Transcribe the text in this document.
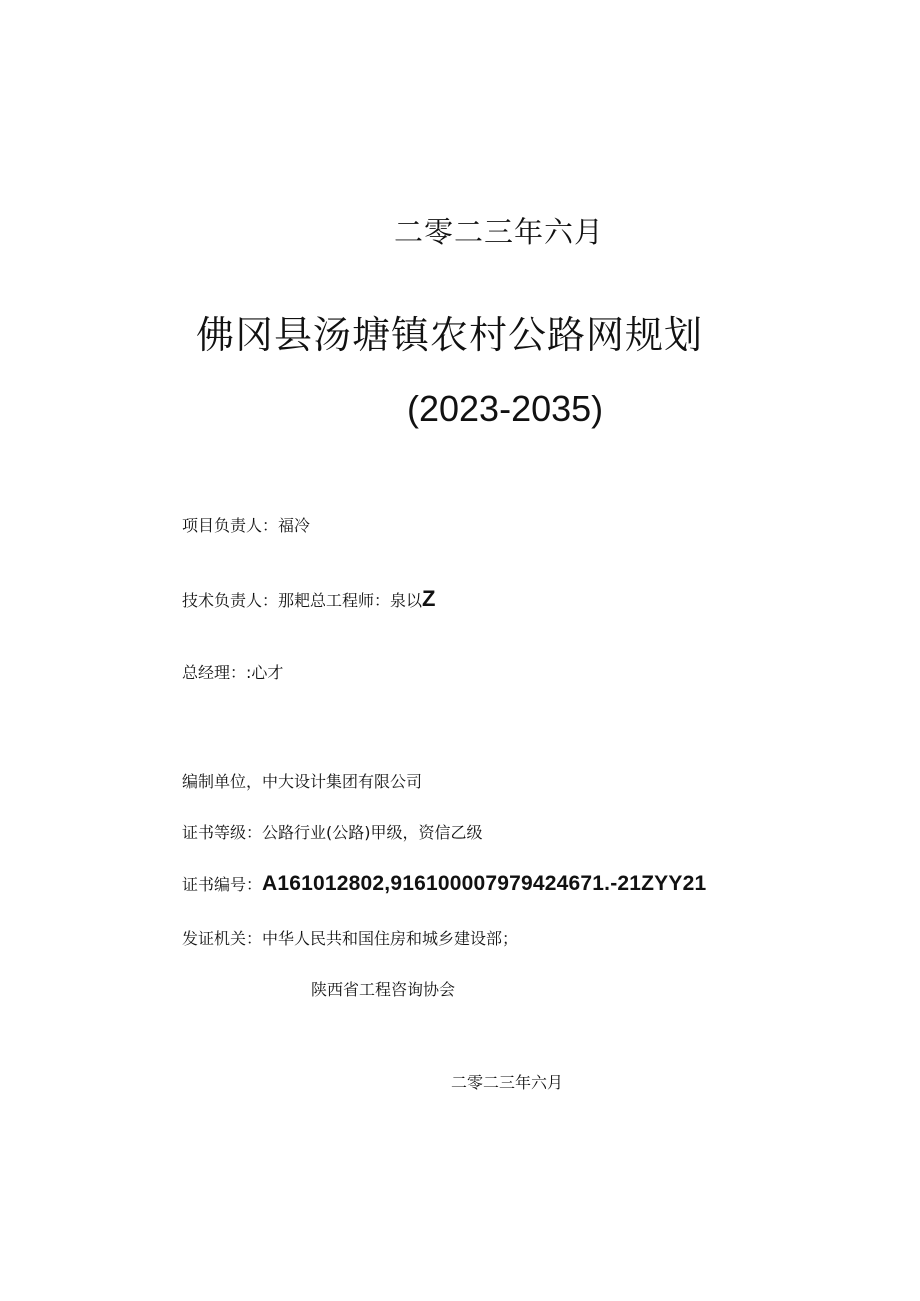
二零二三年六月
佛冈县汤塘镇农村公路网规划
(2023-2035)
项目负责人：福冷
技术负责人：那耙总工程师：泉以Z
总经理：:心才
编制单位，中大设计集团有限公司
证书等级：公路行业(公路)甲级，资信乙级
证书编号：A161012802,916100007979424671.-21ZYY21
发证机关：中华人民共和国住房和城乡建设部；
陕西省工程咨询协会
二零二三年六月
